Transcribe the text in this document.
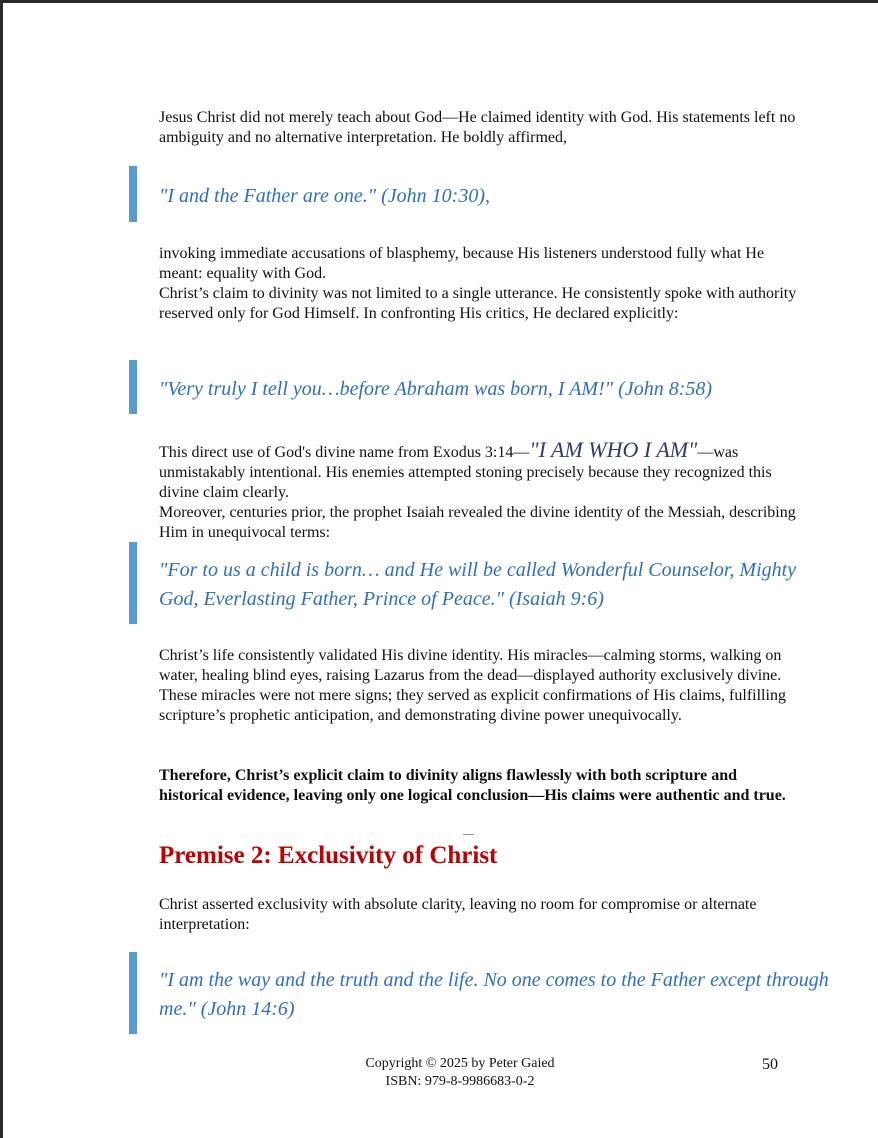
Jesus Christ did not merely teach about God—He claimed identity with God. His statements left no ambiguity and no alternative interpretation. He boldly affirmed,

"I and the Father are one." (John 10:30),

invoking immediate accusations of blasphemy, because His listeners understood fully what He meant: equality with God.

Christ’s claim to divinity was not limited to a single utterance. He consistently spoke with authority reserved only for God Himself. In confronting His critics, He declared explicitly:

"Very truly I tell you…before Abraham was born, I AM!" (John 8:58)

This direct use of God's divine name from Exodus 3:14—"I AM WHO I AM"—was unmistakably intentional. His enemies attempted stoning precisely because they recognized this divine claim clearly.

Moreover, centuries prior, the prophet Isaiah revealed the divine identity of the Messiah, describing Him in unequivocal terms:

"For to us a child is born… and He will be called Wonderful Counselor, Mighty God, Everlasting Father, Prince of Peace." (Isaiah 9:6)

Christ’s life consistently validated His divine identity. His miracles—calming storms, walking on water, healing blind eyes, raising Lazarus from the dead—displayed authority exclusively divine. These miracles were not mere signs; they served as explicit confirmations of His claims, fulfilling scripture’s prophetic anticipation, and demonstrating divine power unequivocally.

Therefore, Christ’s explicit claim to divinity aligns flawlessly with both scripture and historical evidence, leaving only one logical conclusion—His claims were authentic and true.

Premise 2: Exclusivity of Christ

Christ asserted exclusivity with absolute clarity, leaving no room for compromise or alternate interpretation:

"I am the way and the truth and the life. No one comes to the Father except through me." (John 14:6)
Copyright © 2025 by Peter Gaied
ISBN: 979-8-9986683-0-2
50
